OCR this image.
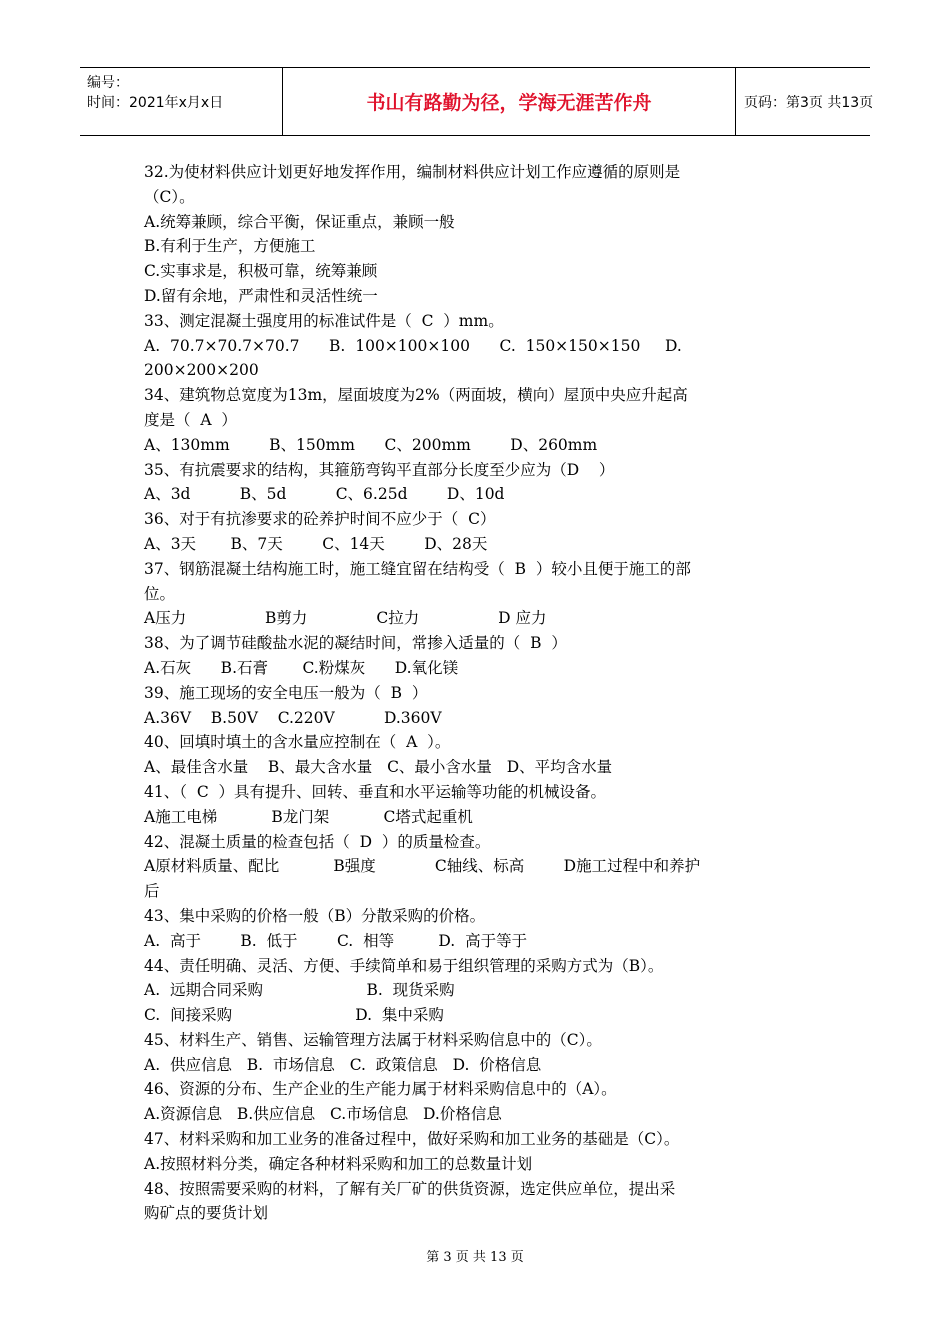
编号：
时间：2021年x月x日	书山有路勤为径，学海无涯苦作舟	页码：第3页 共13页
32.为使材料供应计划更好地发挥作用，编制材料供应计划工作应遵循的原则是
（C）。
A.统筹兼顾，综合平衡，保证重点，兼顾一般
B.有利于生产，方便施工
C.实事求是，积极可靠，统筹兼顾
D.留有余地，严肃性和灵活性统一
33、测定混凝土强度用的标准试件是（  C  ）mm。
A.  70.7×70.7×70.7      B.  100×100×100      C.  150×150×150     D.
200×200×200
34、建筑物总宽度为13m，屋面坡度为2%（两面坡，横向）屋顶中央应升起高
度是（  A  ）
A、130mm        B、150mm      C、200mm        D、260mm
35、有抗震要求的结构，其箍筋弯钩平直部分长度至少应为（D    ）
A、3d          B、5d          C、6.25d        D、10d
36、对于有抗渗要求的砼养护时间不应少于（  C）
A、3天       B、7天        C、14天        D、28天
37、钢筋混凝土结构施工时，施工缝宜留在结构受（  B  ）较小且便于施工的部
位。
A压力                B剪力              C拉力                D 应力
38、为了调节硅酸盐水泥的凝结时间，常掺入适量的（  B  ）
A.石灰      B.石膏       C.粉煤灰      D.氧化镁
39、施工现场的安全电压一般为（  B  ）
A.36V    B.50V    C.220V          D.360V
40、回填时填土的含水量应控制在（  A  ）。
A、最佳含水量    B、最大含水量   C、最小含水量   D、平均含水量
41、（  C  ）具有提升、回转、垂直和水平运输等功能的机械设备。
A施工电梯           B龙门架           C塔式起重机
42、混凝土质量的检查包括（  D  ）的质量检查。
A原材料质量、配比           B强度            C轴线、标高        D施工过程中和养护
后
43、集中采购的价格一般（B）分散采购的价格。
A.  高于        B.  低于        C.  相等         D.  高于等于
44、责任明确、灵活、方便、手续简单和易于组织管理的采购方式为（B）。
A.  远期合同采购                     B.  现货采购
C.  间接采购                         D.  集中采购
45、材料生产、销售、运输管理方法属于材料采购信息中的（C）。
A.  供应信息   B.  市场信息   C.  政策信息   D.  价格信息
46、资源的分布、生产企业的生产能力属于材料采购信息中的（A）。
A.资源信息   B.供应信息   C.市场信息   D.价格信息
47、材料采购和加工业务的准备过程中，做好采购和加工业务的基础是（C）。
A.按照材料分类，确定各种材料采购和加工的总数量计划
48、按照需要采购的材料，了解有关厂矿的供货资源，选定供应单位，提出采
购矿点的要货计划
第 3 页 共 13 页
